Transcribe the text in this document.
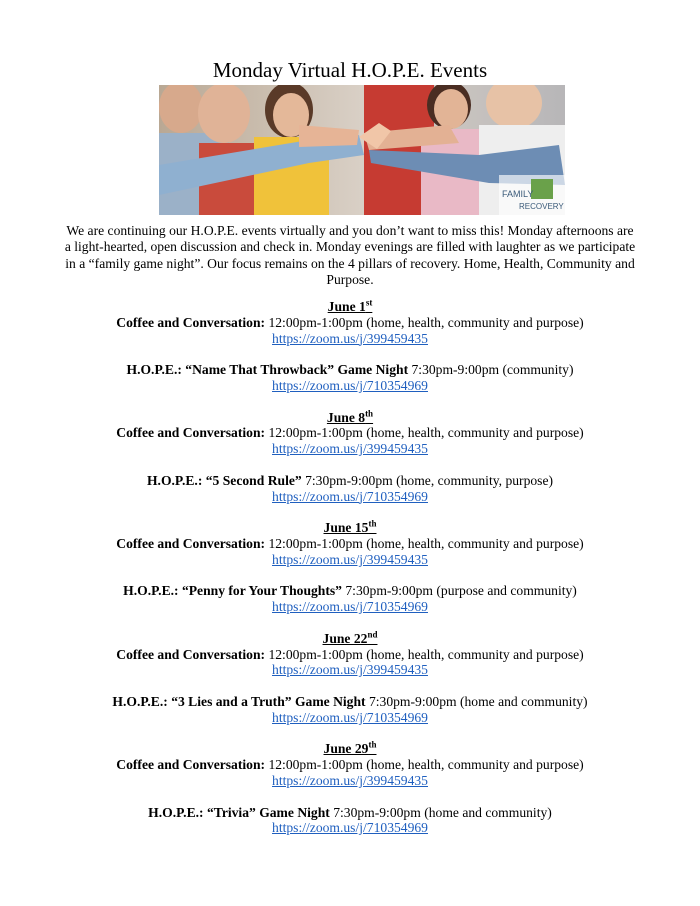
Monday Virtual H.O.P.E. Events
FAMILY
RECOVERY
We are continuing our H.O.P.E. events virtually and you don’t want to miss this! Monday afternoons are a light-hearted, open discussion and check in. Monday evenings are filled with laughter as we participate in a “family game night”. Our focus remains on the 4 pillars of recovery. Home, Health, Community and Purpose.
June 1st
Coffee and Conversation: 12:00pm-1:00pm (home, health, community and purpose)
https://zoom.us/j/399459435
H.O.P.E.: “Name That Throwback” Game Night 7:30pm-9:00pm (community)
https://zoom.us/j/710354969
June 8th
Coffee and Conversation: 12:00pm-1:00pm (home, health, community and purpose)
https://zoom.us/j/399459435
H.O.P.E.: “5 Second Rule” 7:30pm-9:00pm (home, community, purpose)
https://zoom.us/j/710354969
June 15th
Coffee and Conversation: 12:00pm-1:00pm (home, health, community and purpose)
https://zoom.us/j/399459435
H.O.P.E.: “Penny for Your Thoughts” 7:30pm-9:00pm (purpose and community)
https://zoom.us/j/710354969
June 22nd
Coffee and Conversation: 12:00pm-1:00pm (home, health, community and purpose)
https://zoom.us/j/399459435
H.O.P.E.: “3 Lies and a Truth” Game Night 7:30pm-9:00pm (home and community)
https://zoom.us/j/710354969
June 29th
Coffee and Conversation: 12:00pm-1:00pm (home, health, community and purpose)
https://zoom.us/j/399459435
H.O.P.E.: “Trivia” Game Night 7:30pm-9:00pm (home and community)
https://zoom.us/j/710354969
